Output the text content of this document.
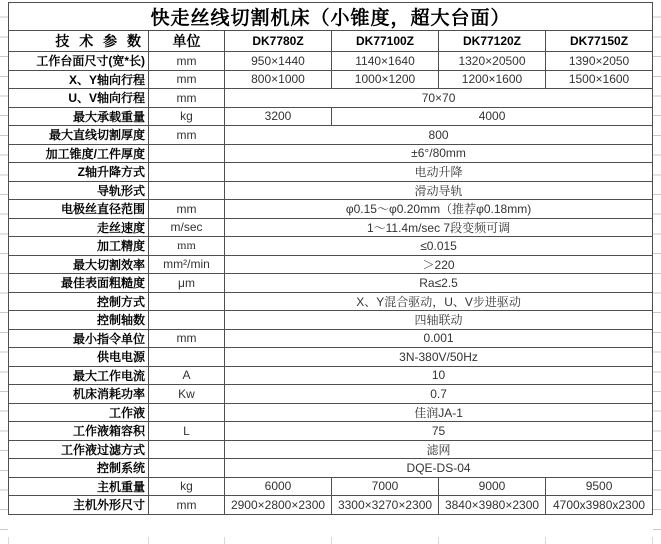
快走丝线切割机床（小锥度，超大台面）					
技 术 参 数	单位	DK7780Z	DK77100Z	DK77120Z	DK77150Z
工作台面尺寸(宽*长)	mm	950×1440	1140×1640	1320×20500	1390×2050
X、Y轴向行程	mm	800×1000	1000×1200	1200×1600	1500×1600
U、V轴向行程	mm	70×70			
最大承载重量	kg	3200	4000		
最大直线切割厚度	mm	800			
加工锥度/工件厚度		±6°/80mm			
Z轴升降方式		电动升降			
导轨形式		滑动导轨			
电极丝直径范围	mm	φ0.15～φ0.20mm（推荐φ0.18mm)			
走丝速度	m/sec	1～11.4m/sec 7段变频可调			
加工精度	mm	≤0.015			
最大切割效率	mm²/min	＞220			
最佳表面粗糙度	μm	Ra≤2.5			
控制方式		X、Y混合驱动，U、V步进驱动			
控制轴数		四轴联动			
最小指令单位	mm	0.001			
供电电源		3N-380V/50Hz			
最大工作电流	A	10			
机床消耗功率	Kw	0.7			
工作液		佳润JA-1			
工作液箱容积	L	75			
工作液过滤方式		滤网			
控制系统		DQE-DS-04			
主机重量	kg	6000	7000	9000	9500
主机外形尺寸	mm	2900×2800×2300	3300×3270×2300	3840×3980×2300	4700x3980x2300
